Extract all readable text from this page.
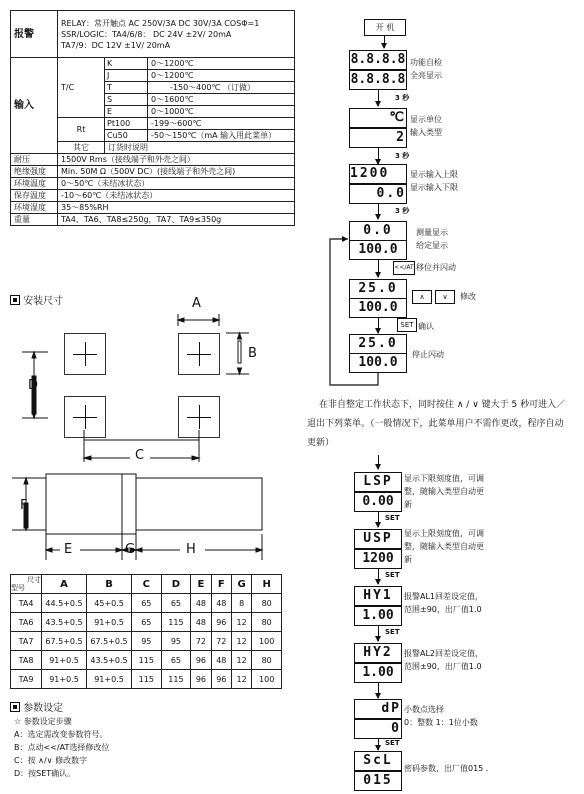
报警	RELAY：常开触点 AC 250V/3A DC 30V/3A COSΦ=1
SSR/LOGIC：TA4/6/8： DC 24V ±2V/ 20mA
TA7/9：DC 12V ±1V/ 20mA		

输入	T/C	K	0～1200℃
		J	0～1200℃
		T	-150～400℃ （订做）
		S	0～1600℃
		E	0～1000℃
	Rt	Pt100	-199～600℃
		Cu50	-50～150℃（mA 输入用此菜单）
	其它	订货时说明	
耐压	1500V Rms（接线端子和外壳之间）		
绝缘强度	Min. 50M Ω（500V DC）(接线端子和外壳之间)		
环境温度	0～50℃（未结冰状态）		
保存温度	-10～60℃（未结冰状态）		
环境湿度	35～85%RH		
重量	TA4、TA6、TA8≤250g，TA7、TA9≤350g		
安装尺寸	A
B
D
C
F
E	G	H
尺寸
型号	A	B	C	D	E	F	G	H
TA4	44.5+0.5	45+0.5	65	65	48	48	8	80
TA6	43.5+0.5	91+0.5	65	115	48	96	12	80
TA7	67.5+0.5	67.5+0.5	95	95	72	72	12	100
TA8	91+0.5	43.5+0.5	115	65	96	48	12	80
TA9	91+0.5	91+0.5	115	115	96	96	12	100
参数设定
☆ 参数设定步骤
A：选定需改变参数符号。
B：点动<</AT选择修改位
C：按 ∧/∨ 修改数字
D：按SET确认。
开 机
8.8.8.8
8.8.8.8
功能自检
全亮显示
3 秒
℃
2
显示单位
输入类型
3 秒
1200
0.0
显示输入上限
显示输入下限
3 秒
0.0
100.0
测量显示
给定显示
<</AT 移位并闪动
25.0
100.0
∧	∨	修改
SET 确认
25.0
100.0
停止闪动
在非自整定工作状态下，同时按住 ∧ / ∨ 键大于 5 秒可进入／退出下列菜单。（一般情况下，此菜单用户不需作更改，程序自动更新）
LSP
0.00
显示下限刻度值，可调
整，随输入类型自动更
新
SET
USP
1200
显示上限刻度值，可调
整，随输入类型自动更
新
SET
HY1
1.00
报警AL1回差设定值，
范围±90，出厂值1.0
SET
HY2
1.00
报警AL2回差设定值，
范围±90，出厂值1.0
dP
0
小数点选择
0：整数 1：1位小数
SET
ScL
015
密码参数，出厂值015 .
